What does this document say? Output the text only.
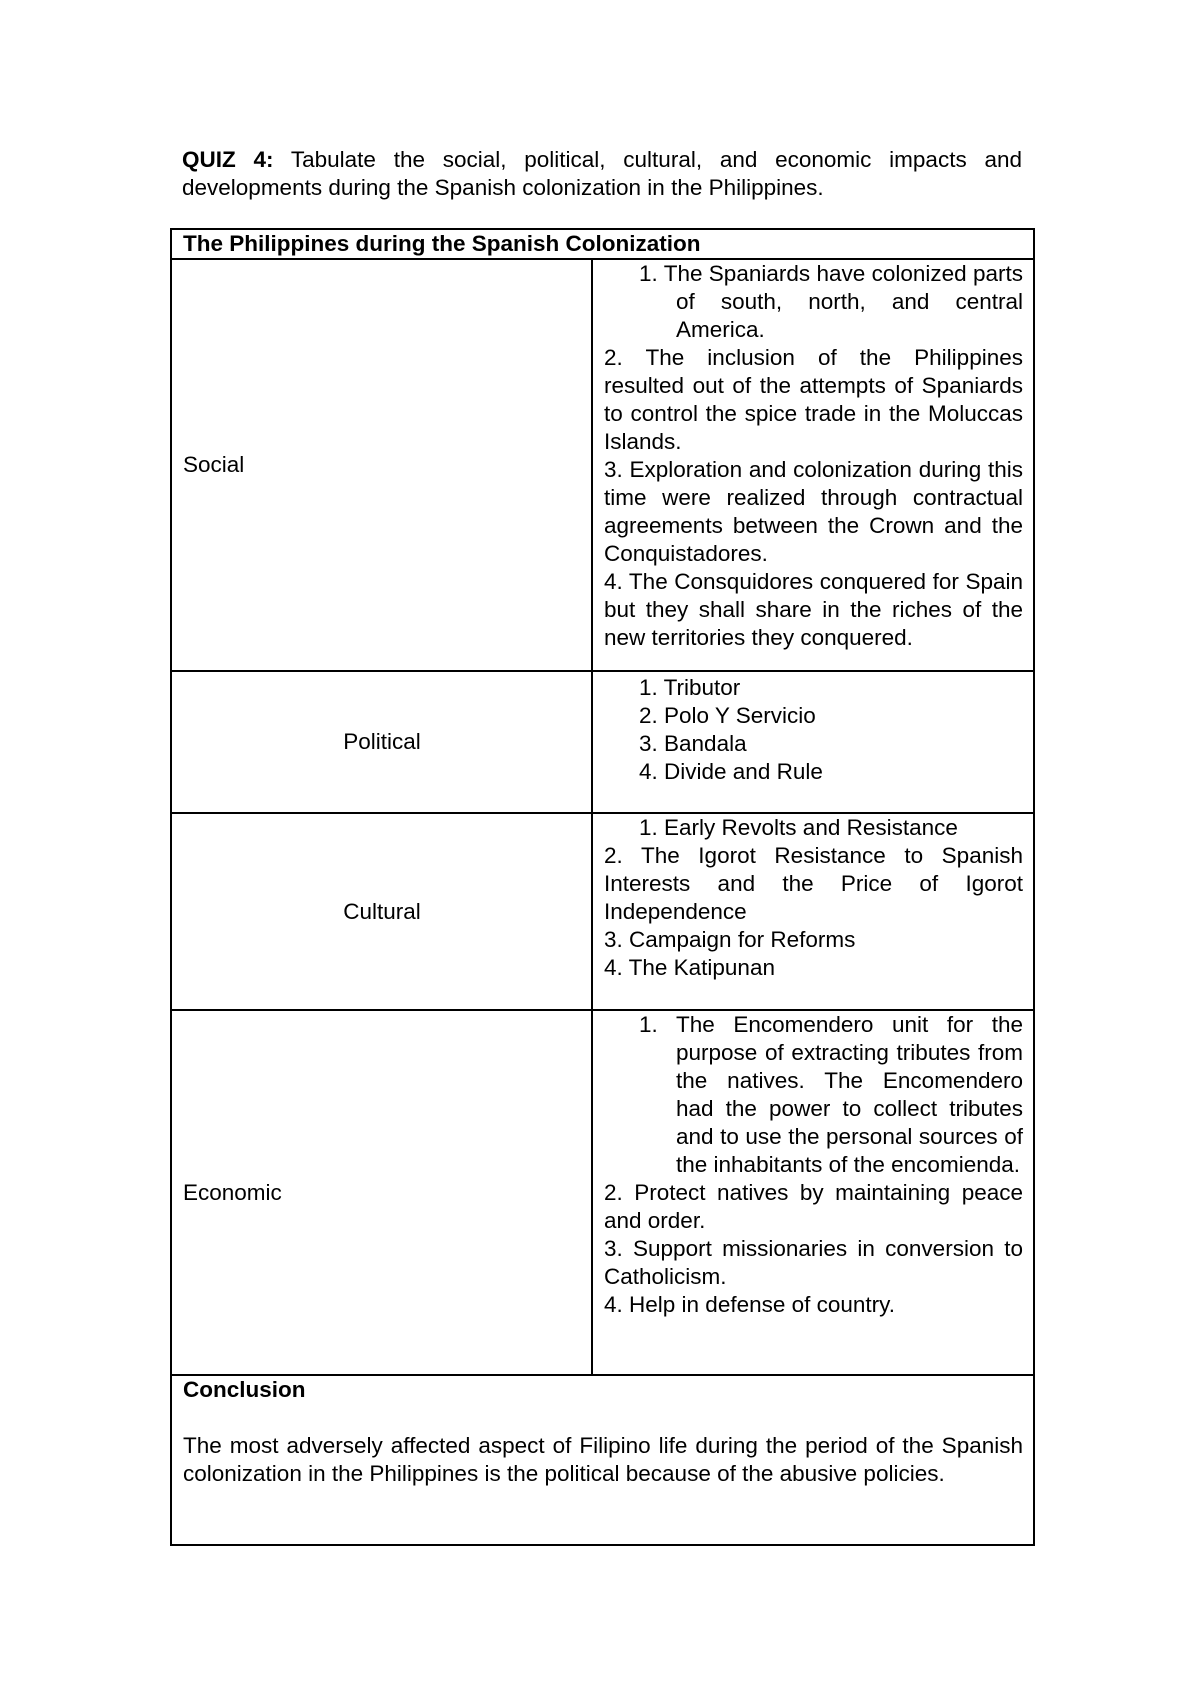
QUIZ 4: Tabulate the social, political, cultural, and economic impacts and developments during the Spanish colonization in the Philippines.
The Philippines during the Spanish Colonization	
Social	1. The Spaniards have colonized parts of south, north, and central America.
2. The inclusion of the Philippines resulted out of the attempts of Spaniards to control the spice trade in the Moluccas Islands.
3. Exploration and colonization during this time were realized through contractual agreements between the Crown and the Conquistadores.
4. The Consquidores conquered for Spain but they shall share in the riches of the new territories they conquered.

Political	1. Tributor
2. Polo Y Servicio
3. Bandala
4. Divide and Rule

Cultural	1. Early Revolts and Resistance
2. The Igorot Resistance to Spanish Interests and the Price of Igorot Independence
3. Campaign for Reforms
4. The Katipunan

Economic	1. The Encomendero unit for the purpose of extracting tributes from the natives. The Encomendero had the power to collect tributes and to use the personal sources of the inhabitants of the encomienda.
2. Protect natives by maintaining peace and order.
3. Support missionaries in conversion to Catholicism.
4. Help in defense of country.

Conclusion
The most adversely affected aspect of Filipino life during the period of the Spanish colonization in the Philippines is the political because of the abusive policies.	
